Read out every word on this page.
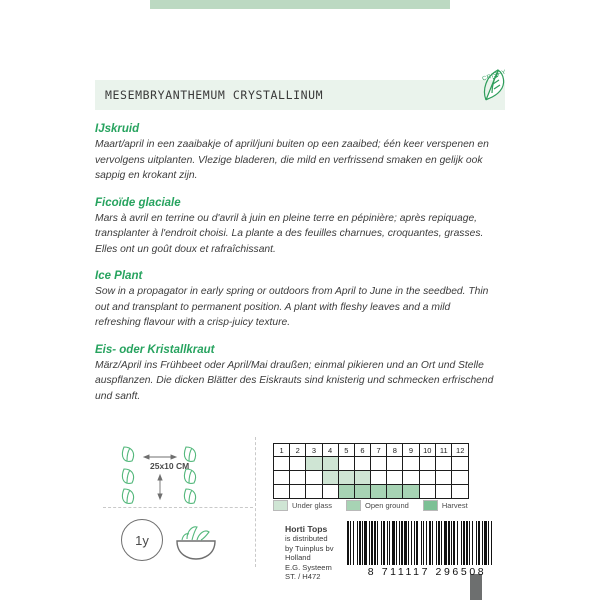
MESEMBRYANTHEMUM CRYSTALLINUM
CRISPY
IJskruid
Maart/april in een zaaibakje of april/juni buiten op een zaaibed; één keer verspenen en vervolgens uitplanten. Vlezige bladeren, die mild en verfrissend smaken en gelijk ook sappig en krokant zijn.
Ficoïde glaciale
Mars à avril en terrine ou d'avril à juin en pleine terre en pépinière; après repiquage, transplanter à l'endroit choisi. La plante a des feuilles charnues, croquantes, grasses. Elles ont un goût doux et rafraîchissant.
Ice Plant
Sow in a propagator in early spring or outdoors from April to June in the seedbed. Thin out and transplant to permanent position. A plant with fleshy leaves and a mild refreshing flavour with a crisp-juicy texture.
Eis- oder Kristallkraut
März/April ins Frühbeet oder April/Mai draußen; einmal pikieren und an Ort und Stelle auspflanzen. Die dicken Blätter des Eiskrauts sind knisterig und schmecken erfrischend und sanft.
25x10 CM
1y
1	2	3	4	5	6	7	8	9	10	11	12

Under glass	Open ground	Harvest
Horti Tops
is distributed
by Tuinplus bv
Holland
E.G. Systeem
ST. / H472	8 711117 296508
